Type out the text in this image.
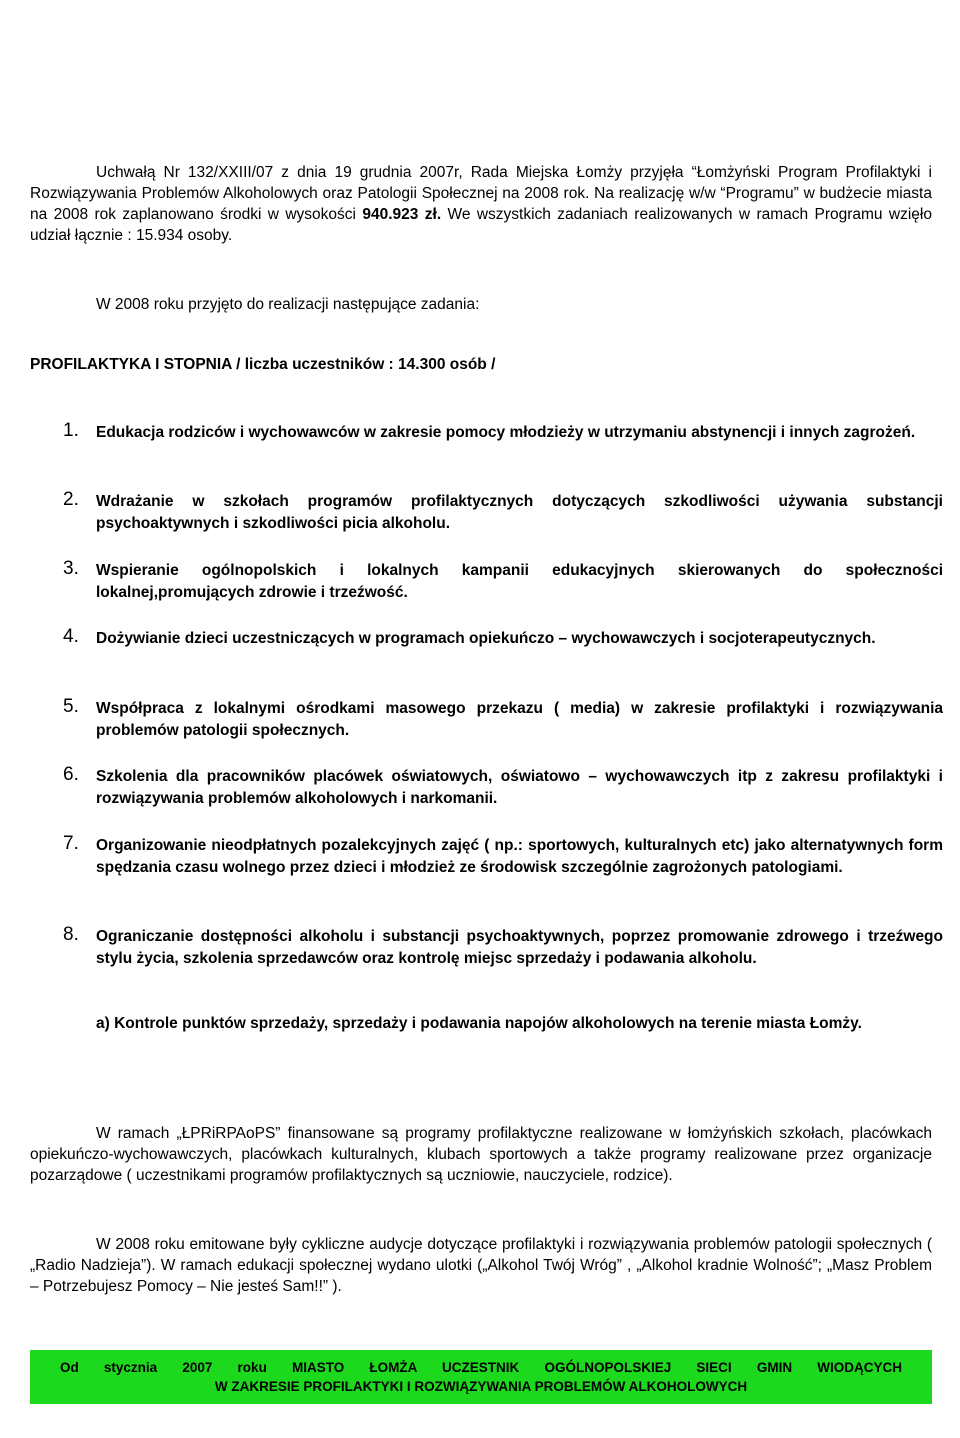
Uchwałą Nr 132/XXIII/07 z dnia 19 grudnia 2007r, Rada Miejska Łomży przyjęła “Łomżyński Program Profilaktyki i Rozwiązywania Problemów Alkoholowych oraz Patologii Społecznej na 2008 rok. Na realizację w/w “Programu” w budżecie miasta na 2008 rok zaplanowano środki w wysokości 940.923 zł. We wszystkich zadaniach realizowanych w ramach Programu wzięło udział łącznie : 15.934 osoby.
W 2008 roku przyjęto do realizacji następujące zadania:
PROFILAKTYKA I STOPNIA / liczba uczestników : 14.300 osób /
1. Edukacja rodziców i wychowawców w zakresie pomocy młodzieży w utrzymaniu abstynencji i innych zagrożeń.
2. Wdrażanie w szkołach programów profilaktycznych dotyczących szkodliwości używania substancji psychoaktywnych i szkodliwości picia alkoholu.
3. Wspieranie ogólnopolskich i lokalnych kampanii edukacyjnych skierowanych do społeczności lokalnej,promujących zdrowie i trzeźwość.
4. Dożywianie dzieci uczestniczących w programach opiekuńczo – wychowawczych i socjoterapeutycznych.
5. Współpraca z lokalnymi ośrodkami masowego przekazu ( media) w zakresie profilaktyki i rozwiązywania problemów patologii społecznych.
6. Szkolenia dla pracowników placówek oświatowych, oświatowo – wychowawczych itp z zakresu profilaktyki i rozwiązywania problemów alkoholowych i narkomanii.
7. Organizowanie nieodpłatnych pozalekcyjnych zajęć ( np.: sportowych, kulturalnych etc) jako alternatywnych form spędzania czasu wolnego przez dzieci i młodzież ze środowisk szczególnie zagrożonych patologiami.
8. Ograniczanie dostępności alkoholu i substancji psychoaktywnych, poprzez promowanie zdrowego i trzeźwego stylu życia, szkolenia sprzedawców oraz kontrolę miejsc sprzedaży i podawania alkoholu.
a) Kontrole punktów sprzedaży, sprzedaży i podawania napojów alkoholowych na terenie miasta Łomży.
W ramach „ŁPRiRPAoPS” finansowane są programy profilaktyczne realizowane w łomżyńskich szkołach, placówkach opiekuńczo-wychowawczych, placówkach kulturalnych, klubach sportowych a także programy realizowane przez organizacje pozarządowe ( uczestnikami programów profilaktycznych są uczniowie, nauczyciele, rodzice).
W 2008 roku emitowane były cykliczne audycje dotyczące profilaktyki i rozwiązywania problemów patologii społecznych ( „Radio Nadzieja”). W ramach edukacji społecznej wydano ulotki („Alkohol Twój Wróg” , „Alkohol kradnie Wolność”; „Masz Problem – Potrzebujesz Pomocy – Nie jesteś Sam!!” ).
Od stycznia 2007 roku MIASTO ŁOMŻA UCZESTNIK OGÓLNOPOLSKIEJ SIECI GMIN WIODĄCYCH
W ZAKRESIE PROFILAKTYKI I ROZWIĄZYWANIA PROBLEMÓW ALKOHOLOWYCH
